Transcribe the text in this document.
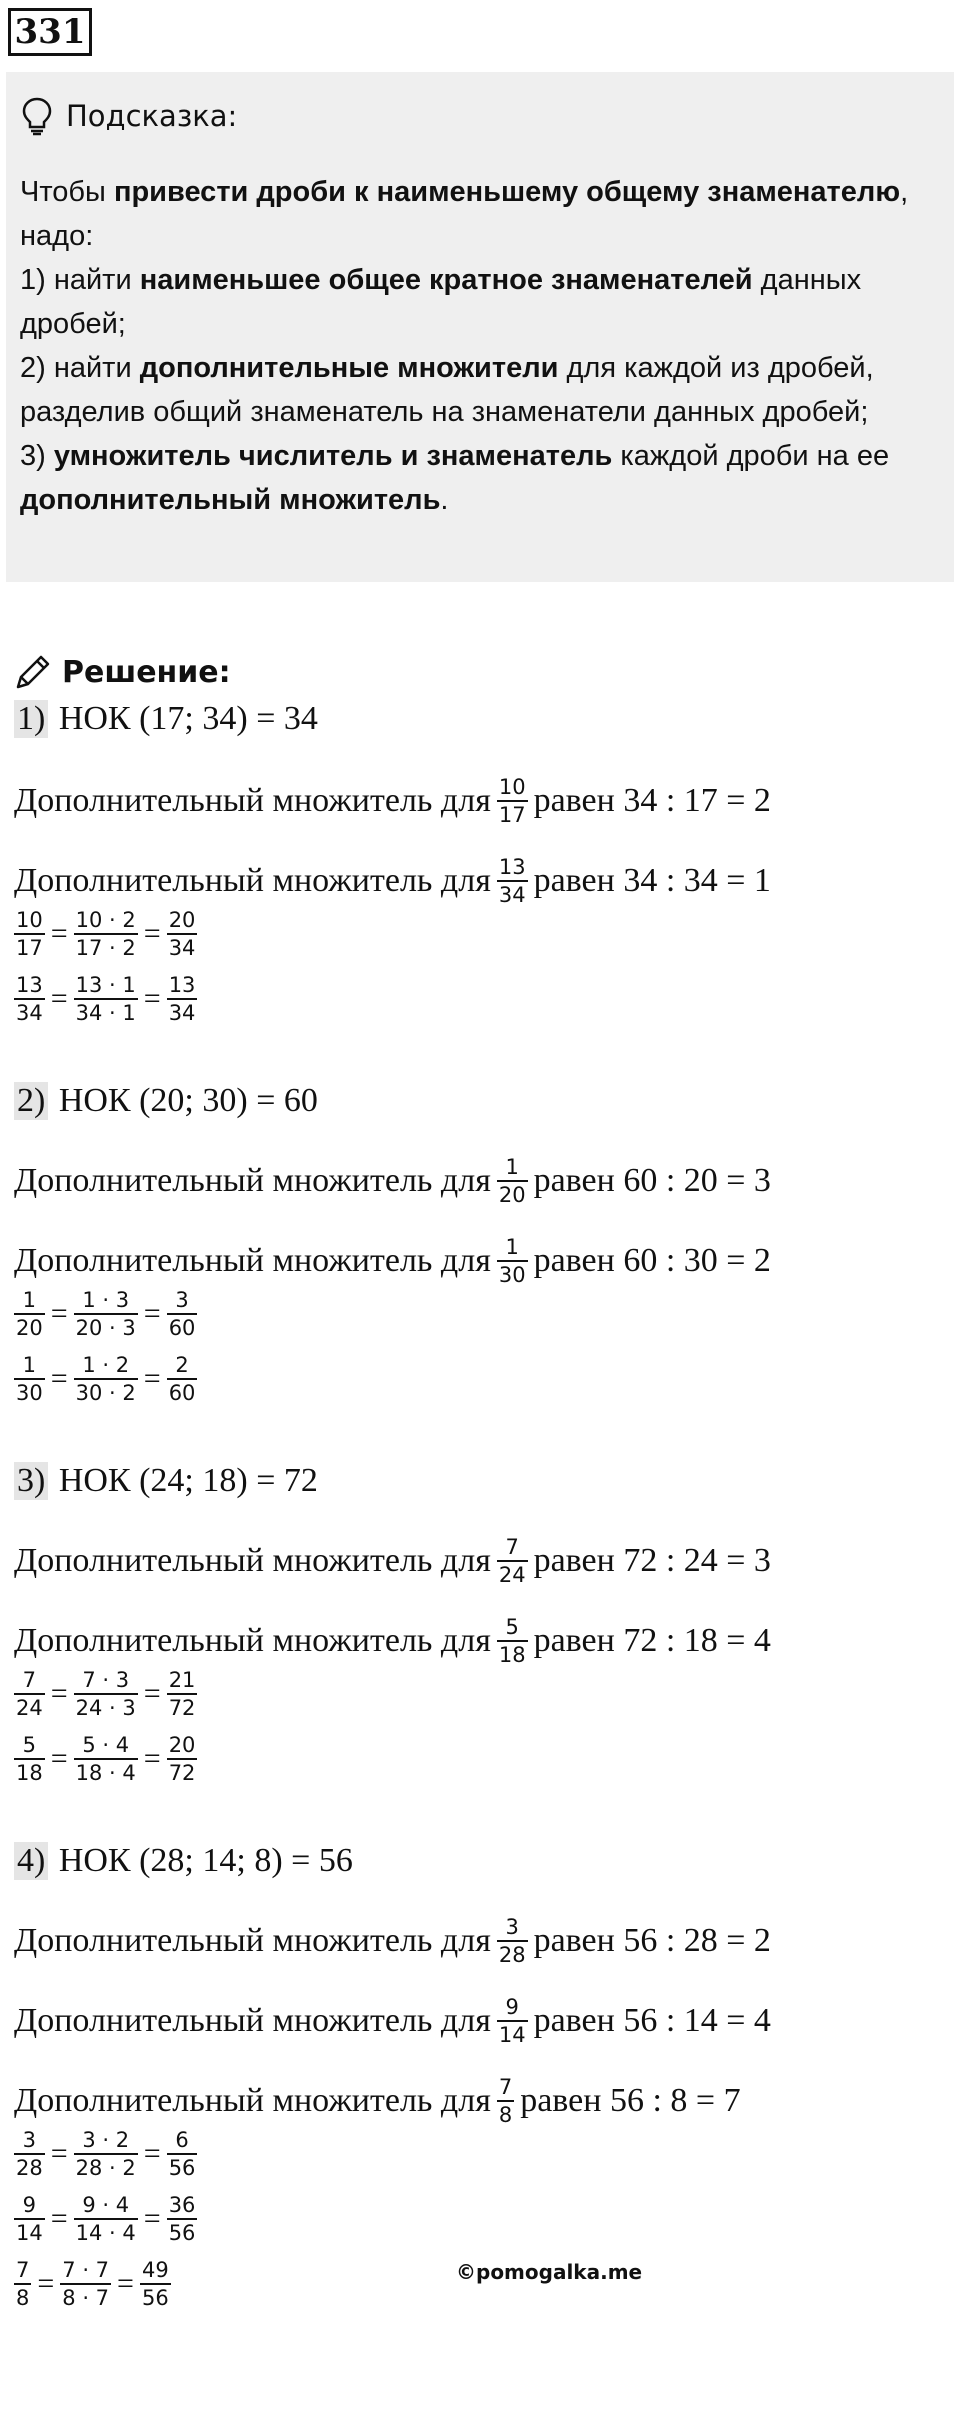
331
Подсказка:
Чтобы привести дроби к наименьшему общему знаменателю, надо:
1) найти наименьшее общее кратное знаменателей данных дробей;
2) найти дополнительные множители для каждой из дробей, разделив общий знаменатель на знаменатели данных дробей;
3) умножитель числитель и знаменатель каждой дроби на ее дополнительный множитель.
Решение:
1)
НОК (17; 34) = 34
Дополнительный множитель для $\frac{10}{17}$ равен
34 : 17 = 2
Дополнительный множитель для $\frac{13}{34}$ равен
34 : 34 = 1
$\frac{10}{17} = \frac{10 \cdot 2}{17 \cdot 2} = \frac{20}{34}$
$\frac{13}{34} = \frac{13 \cdot 1}{34 \cdot 1} = \frac{13}{34}$
2)
НОК (20; 30) = 60
Дополнительный множитель для $\frac{1}{20}$ равен
60 : 20 = 3
Дополнительный множитель для $\frac{1}{30}$ равен
60 : 30 = 2
$\frac{1}{20} = \frac{1 \cdot 3}{20 \cdot 3} = \frac{3}{60}$
$\frac{1}{30} = \frac{1 \cdot 2}{30 \cdot 2} = \frac{2}{60}$
3)
НОК (24; 18) = 72
Дополнительный множитель для $\frac{7}{24}$ равен
72 : 24 = 3
Дополнительный множитель для $\frac{5}{18}$ равен
72 : 18 = 4
$\frac{7}{24} = \frac{7 \cdot 3}{24 \cdot 3} = \frac{21}{72}$
$\frac{5}{18} = \frac{5 \cdot 4}{18 \cdot 4} = \frac{20}{72}$
4)
НОК (28; 14; 8) = 56
Дополнительный множитель для $\frac{3}{28}$ равен
56 : 28 = 2
Дополнительный множитель для $\frac{9}{14}$ равен
56 : 14 = 4
Дополнительный множитель для $\frac{7}{8}$ равен
56 : 8 = 7
$\frac{3}{28} = \frac{3 \cdot 2}{28 \cdot 2} = \frac{6}{56}$
$\frac{9}{14} = \frac{9 \cdot 4}{14 \cdot 4} = \frac{36}{56}$
$\frac{7}{8} = \frac{7 \cdot 7}{8 \cdot 7} = \frac{49}{56}$	©pomogalka.me
